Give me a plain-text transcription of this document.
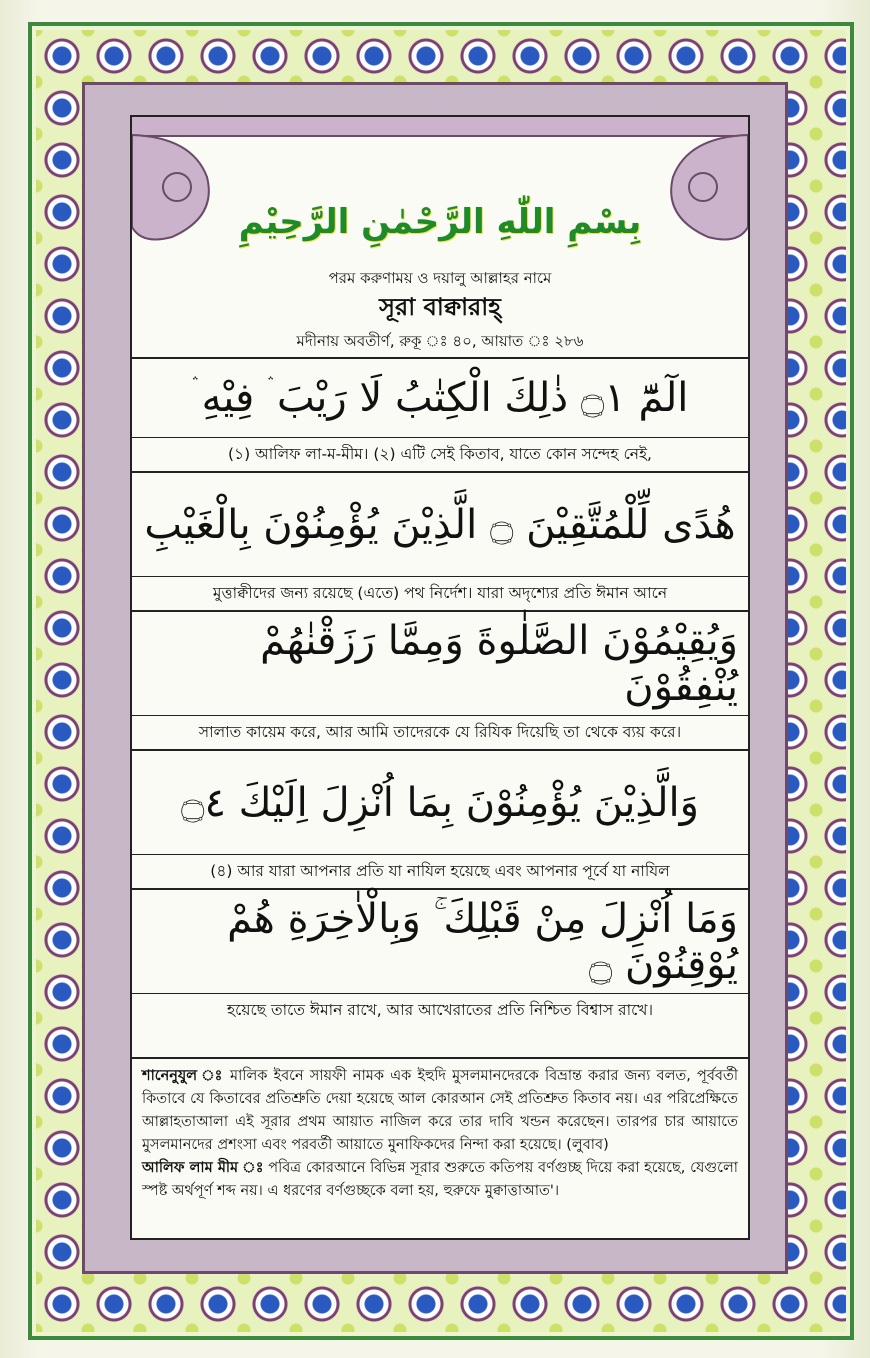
بِسْمِ اللّٰهِ الرَّحْمٰنِ الرَّحِيْمِ
পরম করুণাময় ও দয়ালু আল্লাহর নামে
সূরা বাক্বারাহ্
মদীনায় অবতীর্ণ, রুকূ ঃ ৪০, আয়াত ঃ ২৮৬
الٓمّٓ ۝١ ذٰلِكَ الْكِتٰبُ لَا رَيْبَ ۛ فِيْهِ ۛ
(১) আলিফ লা-ম-মীম। (২) এটি সেই কিতাব, যাতে কোন সন্দেহ নেই,
هُدًى لِّلْمُتَّقِيْنَ ۝ الَّذِيْنَ يُؤْمِنُوْنَ بِالْغَيْبِ
মুত্তাক্বীদের জন্য রয়েছে (এতে) পথ নির্দেশ। যারা অদৃশ্যের প্রতি ঈমান আনে
وَيُقِيْمُوْنَ الصَّلٰوةَ وَمِمَّا رَزَقْنٰهُمْ يُنْفِقُوْنَ
সালাত কায়েম করে, আর আমি তাদেরকে যে রিযিক দিয়েছি তা থেকে ব্যয় করে।
وَالَّذِيْنَ يُؤْمِنُوْنَ بِمَا اُنْزِلَ اِلَيْكَ ۝٤
(৪) আর যারা আপনার প্রতি যা নাযিল হয়েছে এবং আপনার পূর্বে যা নাযিল
وَمَا اُنْزِلَ مِنْ قَبْلِكَ ۚ وَبِالْاٰخِرَةِ هُمْ يُوْقِنُوْنَ ۝
হয়েছে তাতে ঈমান রাখে, আর আখেরাতের প্রতি নিশ্চিত বিশ্বাস রাখে।
শানেনুযুল ঃ মালিক ইবনে সায়ফী নামক এক ইহুদি মুসলমানদেরকে বিভ্রান্ত করার জন্য বলত, পূর্ববর্তী কিতাবে যে কিতাবের প্রতিশ্রুতি দেয়া হয়েছে আল কোরআন সেই প্রতিশ্রুত কিতাব নয়। এর পরিপ্রেক্ষিতে আল্লাহতাআলা এই সূরার প্রথম আয়াত নাজিল করে তার দাবি খন্ডন করেছেন। তারপর চার আয়াতে মুসলমানদের প্রশংসা এবং পরবর্তী আয়াতে মুনাফিকদের নিন্দা করা হয়েছে। (লুবাব)
আলিফ লাম মীম ঃ পবিত্র কোরআনে বিভিন্ন সূরার শুরুতে কতিপয় বর্ণগুচ্ছ দিয়ে করা হয়েছে, যেগুলো স্পষ্ট অর্থপূর্ণ শব্দ নয়। এ ধরণের বর্ণগুচ্ছকে বলা হয়, হুরুফে মুক্বাত্তাআত'।
